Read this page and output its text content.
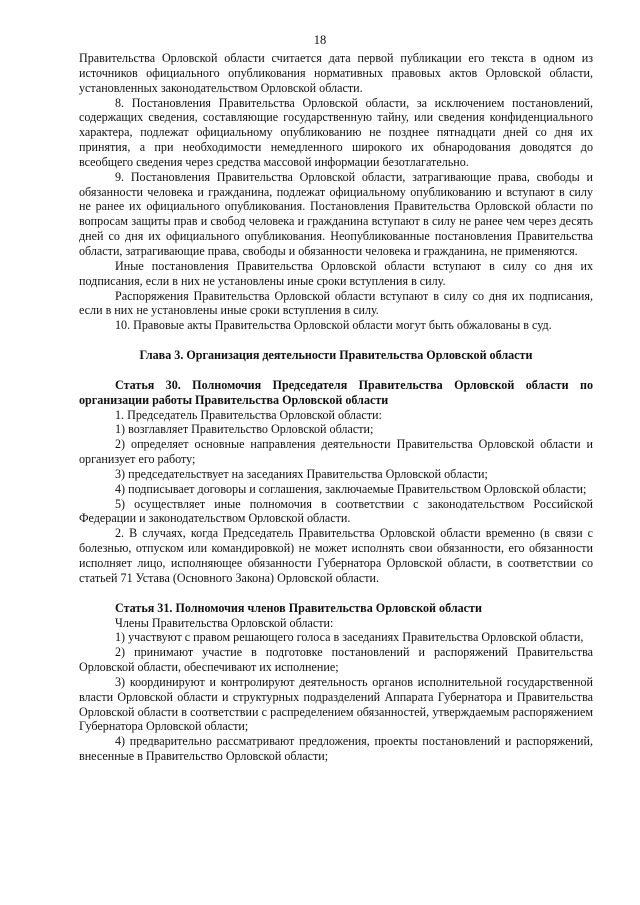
18

Правительства Орловской области считается дата первой публикации его текста в одном из источников официального опубликования нормативных правовых актов Орловской области, установленных законодательством Орловской области.

8. Постановления Правительства Орловской области, за исключением постановлений, содержащих сведения, составляющие государственную тайну, или сведения конфиденциального характера, подлежат официальному опубликованию не позднее пятнадцати дней со дня их принятия, а при необходимости немедленного широкого их обнародования доводятся до всеобщего сведения через средства массовой информации безотлагательно.

9. Постановления Правительства Орловской области, затрагивающие права, свободы и обязанности человека и гражданина, подлежат официальному опубликованию и вступают в силу не ранее их официального опубликования. Постановления Правительства Орловской области по вопросам защиты прав и свобод человека и гражданина вступают в силу не ранее чем через десять дней со дня их официального опубликования. Неопубликованные постановления Правительства области, затрагивающие права, свободы и обязанности человека и гражданина, не применяются.

Иные постановления Правительства Орловской области вступают в силу со дня их подписания, если в них не установлены иные сроки вступления в силу.

Распоряжения Правительства Орловской области вступают в силу со дня их подписания, если в них не установлены иные сроки вступления в силу.

10. Правовые акты Правительства Орловской области могут быть обжалованы в суд.

Глава 3. Организация деятельности Правительства Орловской области
Статья 30. Полномочия Председателя Правительства Орловской области по организации работы Правительства Орловской области

1. Председатель Правительства Орловской области:

1) возглавляет Правительство Орловской области;

2) определяет основные направления деятельности Правительства Орловской области и организует его работу;

3) председательствует на заседаниях Правительства Орловской области;

4) подписывает договоры и соглашения, заключаемые Правительством Орловской области;

5) осуществляет иные полномочия в соответствии с законодательством Российской Федерации и законодательством Орловской области.

2. В случаях, когда Председатель Правительства Орловской области временно (в связи с болезнью, отпуском или командировкой) не может исполнять свои обязанности, его обязанности исполняет лицо, исполняющее обязанности Губернатора Орловской области, в соответствии со статьей 71 Устава (Основного Закона) Орловской области.

Статья 31. Полномочия членов Правительства Орловской области

Члены Правительства Орловской области:

1) участвуют с правом решающего голоса в заседаниях Правительства Орловской области,

2) принимают участие в подготовке постановлений и распоряжений Правительства Орловской области, обеспечивают их исполнение;

3) координируют и контролируют деятельность органов исполнительной государственной власти Орловской области и структурных подразделений Аппарата Губернатора и Правительства Орловской области в соответствии с распределением обязанностей, утверждаемым распоряжением Губернатора Орловской области;

4) предварительно рассматривают предложения, проекты постановлений и распоряжений, внесенные в Правительство Орловской области;
